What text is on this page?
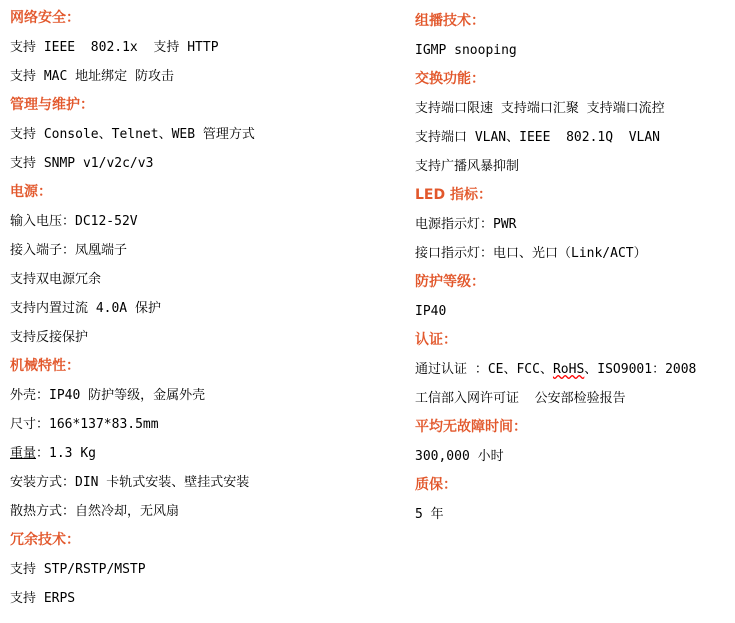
网络安全：
支持 IEEE  802.1x  支持 HTTP
支持 MAC 地址绑定 防攻击
管理与维护：
支持 Console、Telnet、WEB 管理方式
支持 SNMP v1/v2c/v3
电源：
输入电压：DC12-52V
接入端子：凤凰端子
支持双电源冗余
支持内置过流 4.0A 保护
支持反接保护
机械特性：
外壳：IP40 防护等级，金属外壳
尺寸：166*137*83.5mm
重量：1.3 Kg
安装方式：DIN 卡轨式安装、壁挂式安装
散热方式：自然冷却，无风扇
冗余技术：
支持 STP/RSTP/MSTP
支持 ERPS
组播技术：
IGMP snooping
交换功能：
支持端口限速 支持端口汇聚 支持端口流控
支持端口 VLAN、IEEE  802.1Q  VLAN
支持广播风暴抑制
LED 指标：
电源指示灯：PWR
接口指示灯：电口、光口（Link/ACT）
防护等级：
IP40
认证：
通过认证 ：CE、FCC、RoHS、ISO9001：2008
工信部入网许可证  公安部检验报告
平均无故障时间：
300,000 小时
质保：
5 年
